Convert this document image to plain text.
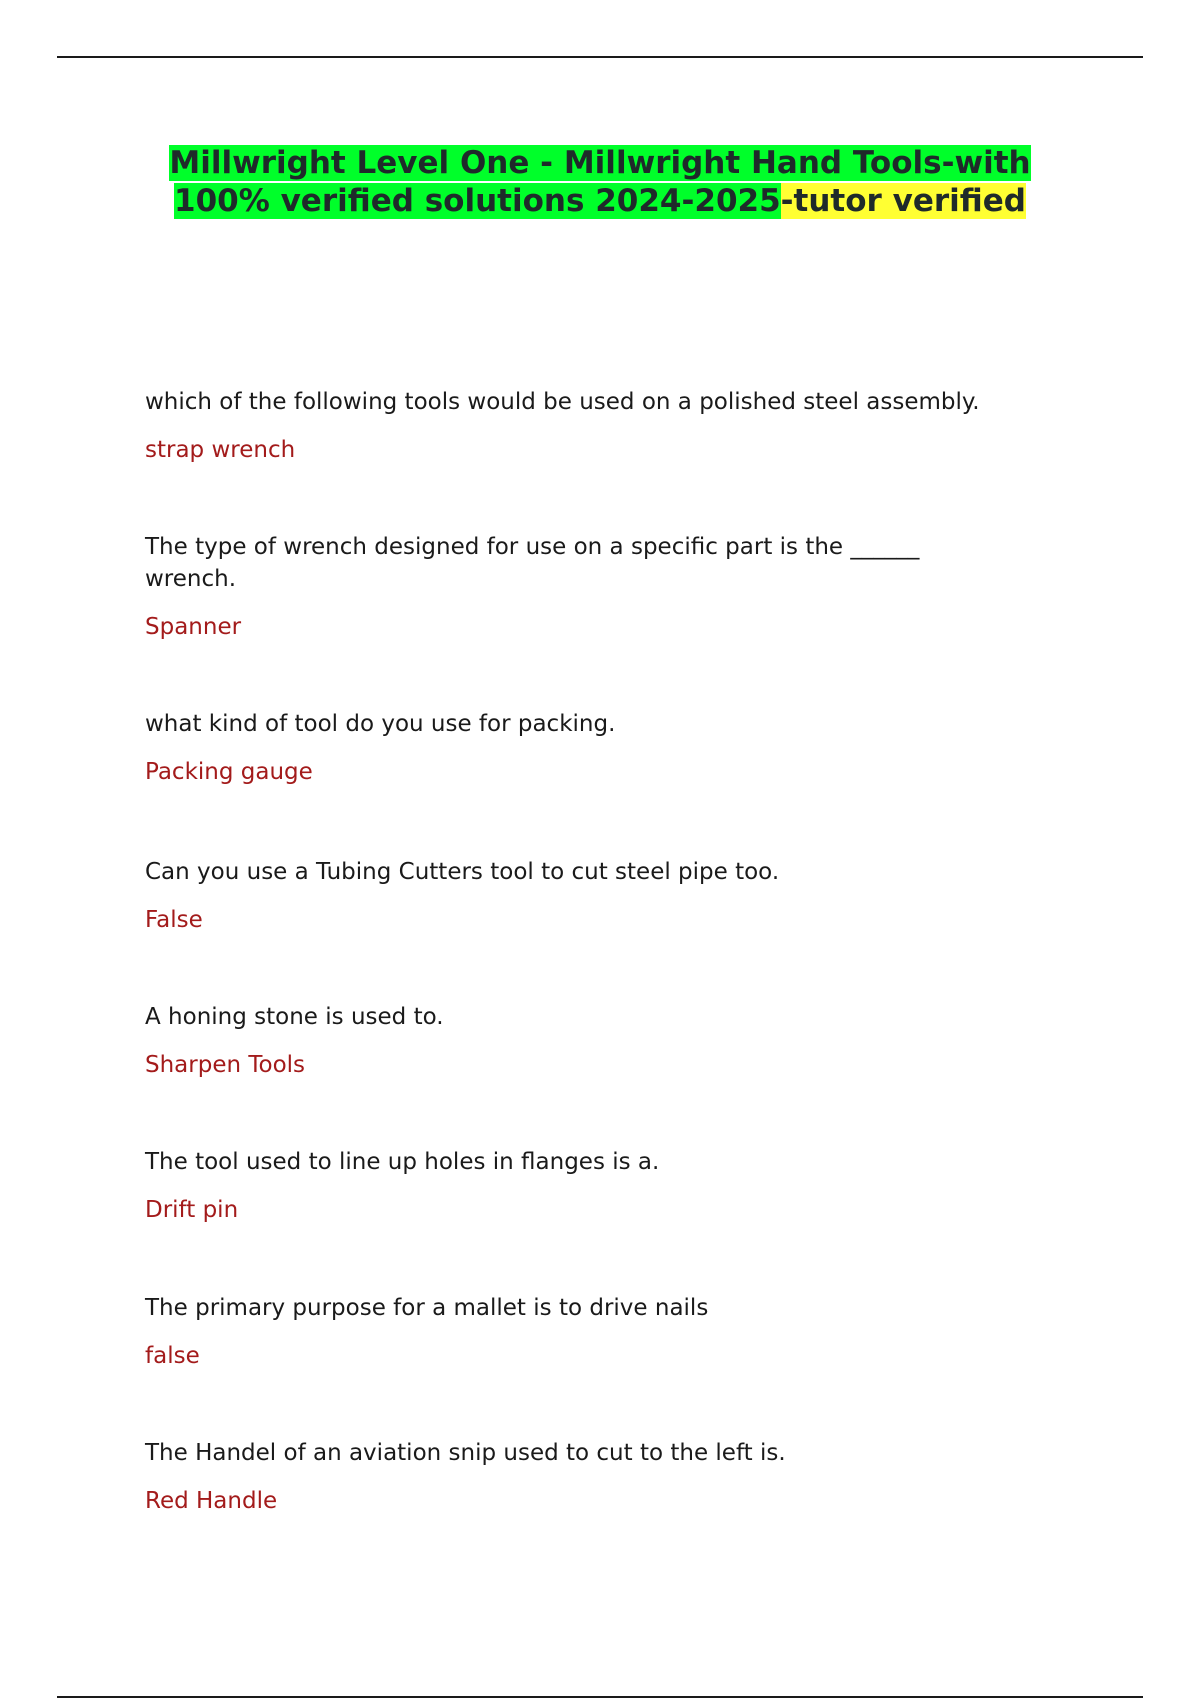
Millwright Level One - Millwright Hand Tools-with 100% verified solutions 2024-2025-tutor verified
which of the following tools would be used on a polished steel assembly.
strap wrench
The type of wrench designed for use on a specific part is the ______ wrench.
Spanner
what kind of tool do you use for packing.
Packing gauge
Can you use a Tubing Cutters tool to cut steel pipe too.
False
A honing stone is used to.
Sharpen Tools
The tool used to line up holes in flanges is a.
Drift pin
The primary purpose for a mallet is to drive nails
false
The Handel of an aviation snip used to cut to the left is.
Red Handle
